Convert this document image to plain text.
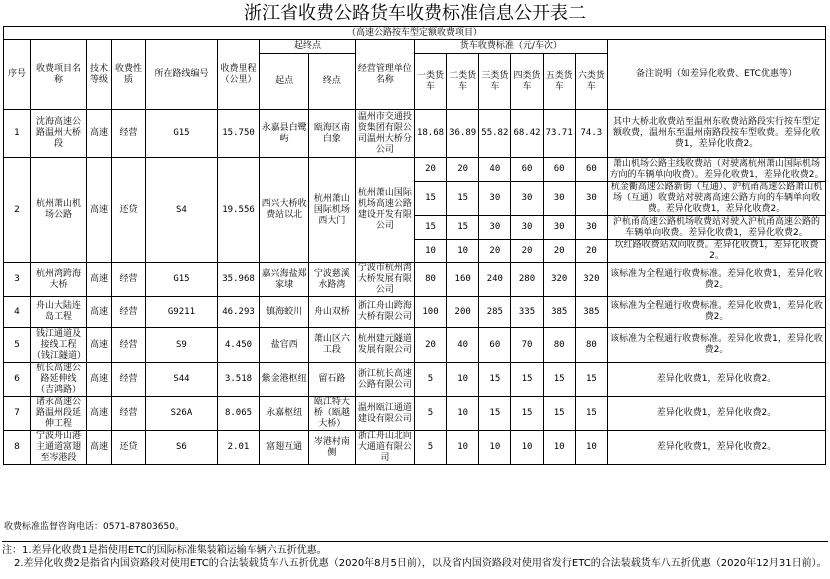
浙江省收费公路货车收费标准信息公开表二
（高速公路按车型定额收费项目）															
序号	收费项目名称	技术等级	收费性质	所在路线编号	收费里程（公里）	起终点		经营管理单位名称	货车收费标准（元/车次）						备注说明（如差异化收费、ETC优惠等）
						起点	终点		一类货车	二类货车	三类货车	四类货车	五类货车	六类货车	
1	沈海高速公路温州大桥段	高速	经营	G15	15.750	永嘉县白鹭屿	瓯海区南白象	温州市交通投资集团有限公司温州大桥分公司	18.68	36.89	55.82	68.42	73.71	74.3	其中大桥北收费站至温州东收费站路段实行按车型定额收费，温州东至温州南路段按车型收费。差异化收费1，差异化收费2。
2	杭州萧山机场公路	高速	还贷	S4	19.556	西兴大桥收费站以北	杭州萧山国际机场西大门	杭州萧山国际机场高速公路建设开发有限公司	20	20	40	60	60	60	萧山机场公路主线收费站（对驶离杭州萧山国际机场方向的车辆单向收费）。差异化收费1，差异化收费2。
									15	15	30	30	30	30	杭金衢高速公路新街（互通）、沪杭甬高速公路萧山机场（互通）收费站对驶离高速公路方向的车辆单向收费。差异化收费1，差异化收费2。
									15	15	30	30	30	30	沪杭甬高速公路机场收费站对驶入沪杭甬高速公路的车辆单向收费。差异化收费1，差异化收费2。
									10	10	20	20	20	20	坎红路收费站双向收费。差异化收费1，差异化收费2。
3	杭州湾跨海大桥	高速	经营	G15	35.968	嘉兴海盐郑家埭	宁波慈溪水路湾	宁波市杭州湾大桥发展有限公司	80	160	240	280	320	320	该标准为全程通行收费标准。差异化收费1，差异化收费2。
4	舟山大陆连岛工程	高速	经营	G9211	46.293	镇海蛟川	舟山双桥	浙江舟山跨海大桥有限公司	100	200	285	335	385	385	该标准为全程通行收费标准。差异化收费1，差异化收费2。
5	钱江通道及接线工程（钱江隧道）	高速	经营	S9	4.450	盐官西	萧山区六工段	杭州建元隧道发展有限公司	20	40	60	70	80	80	该标准为全程通行收费标准。差异化收费1，差异化收费2。
6	杭长高速公路延伸线（吉鸿路）	高速	经营	S44	3.518	紫金港枢纽	留石路	浙江杭长高速公路有限公司	5	10	15	15	15	15	差异化收费1，差异化收费2。
7	诸永高速公路温州段延伸工程	高速	经营	S26A	8.065	永嘉枢纽	瓯江特大桥（瓯越大桥）	温州瓯江通道建设有限公司	5	10	15	15	15	15	差异化收费1，差异化收费2。
8	宁波舟山港主通道富翅至岑港段	高速	还贷	S6	2.01	富翅互通	岑港村南侧	浙江舟山北向大通道有限公司	5	10	10	10	10	10	差异化收费1，差异化收费2。
收费标准监督咨询电话：0571-87803650。
注：1.差异化收费1是指使用ETC的国际标准集装箱运输车辆六五折优惠。
2.差异化收费2是指省内国资路段对使用ETC的合法装载货车八五折优惠（2020年8月5日前），以及省内国资路段对使用省发行ETC的合法装载货车八五折优惠（2020年12月31日前）。
